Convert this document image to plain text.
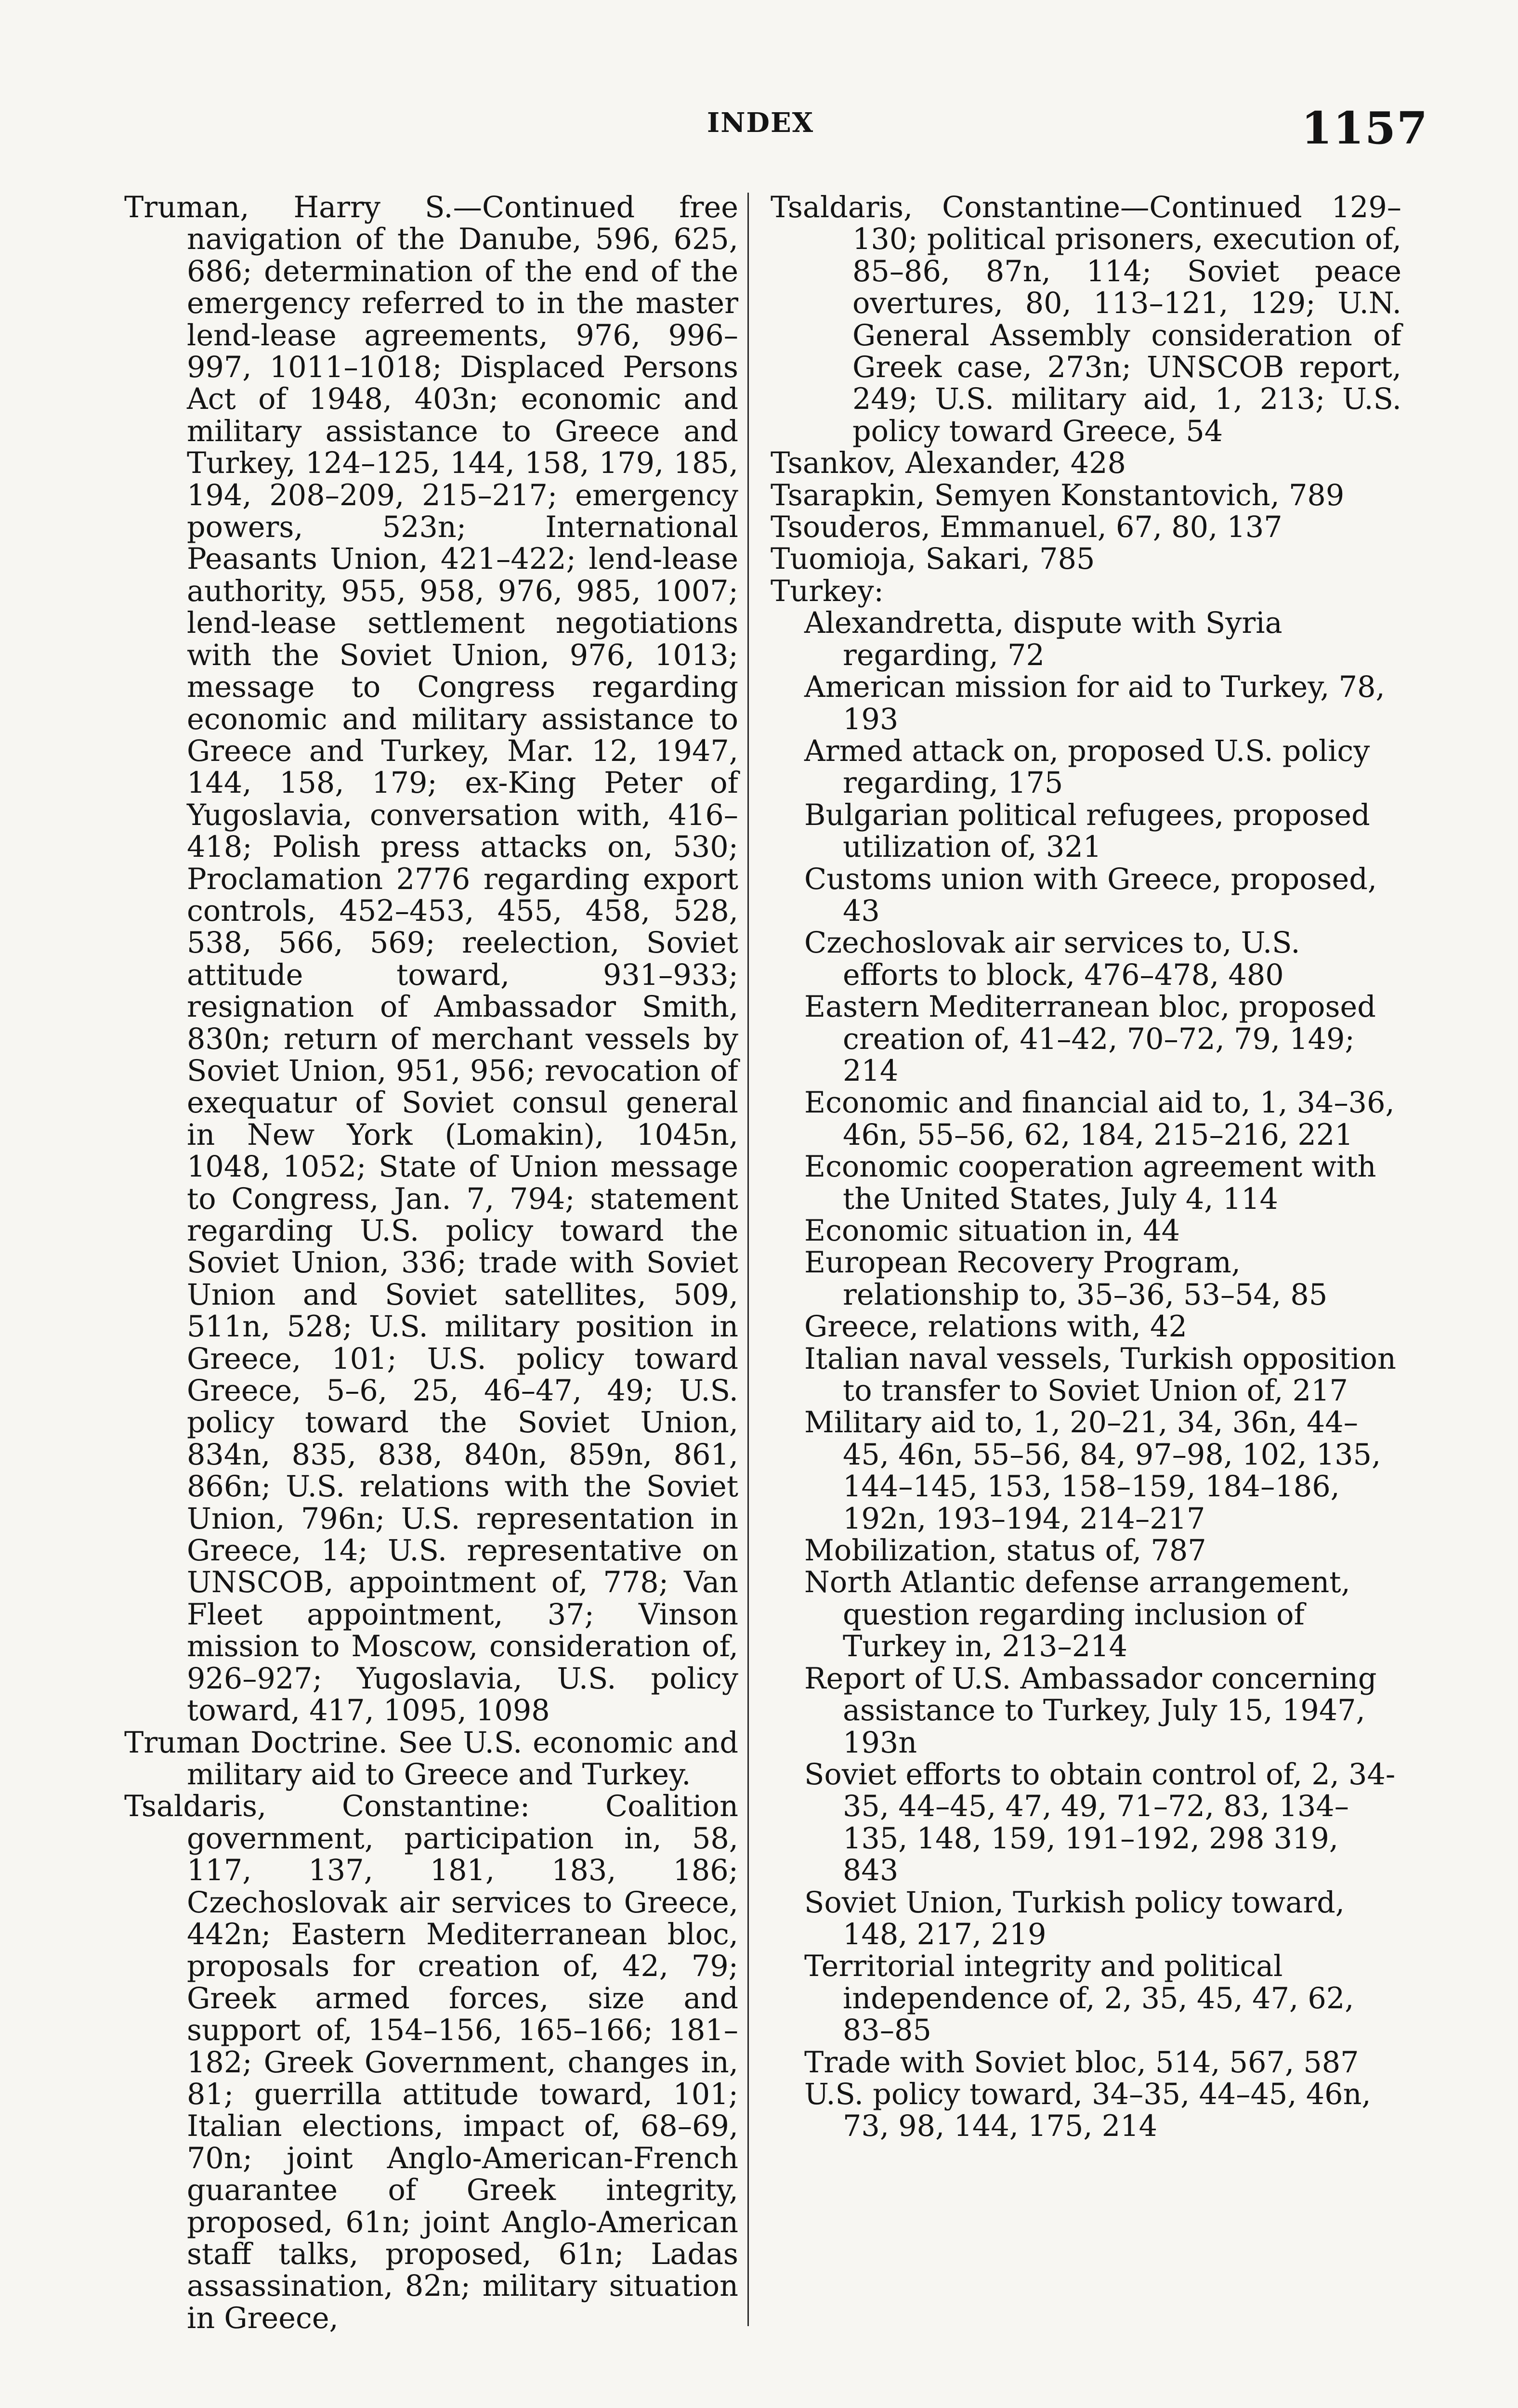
INDEX	1157

Truman, Harry S.—Continued free navigation of the Danube, 596, 625, 686; determination of the end of the emergency referred to in the master lend-lease agreements, 976, 996–997, 1011–1018; Displaced Persons Act of 1948, 403n; economic and military assistance to Greece and Turkey, 124–125, 144, 158, 179, 185, 194, 208–209, 215–217; emergency powers, 523n; International Peasants Union, 421–422; lend-lease authority, 955, 958, 976, 985, 1007; lend-lease settlement negotiations with the Soviet Union, 976, 1013; message to Congress regarding economic and military assistance to Greece and Turkey, Mar. 12, 1947, 144, 158, 179; ex-King Peter of Yugoslavia, conversation with, 416–418; Polish press attacks on, 530; Proclamation 2776 regarding export controls, 452–453, 455, 458, 528, 538, 566, 569; reelection, Soviet attitude toward, 931–933; resignation of Ambassador Smith, 830n; return of merchant vessels by Soviet Union, 951, 956; revocation of exequatur of Soviet consul general in New York (Lomakin), 1045n, 1048, 1052; State of Union message to Congress, Jan. 7, 794; statement regarding U.S. policy toward the Soviet Union, 336; trade with Soviet Union and Soviet satellites, 509, 511n, 528; U.S. military position in Greece, 101; U.S. policy toward Greece, 5–6, 25, 46–47, 49; U.S. policy toward the Soviet Union, 834n, 835, 838, 840n, 859n, 861, 866n; U.S. relations with the Soviet Union, 796n; U.S. representation in Greece, 14; U.S. representative on UNSCOB, appointment of, 778; Van Fleet appointment, 37; Vinson mission to Moscow, consideration of, 926–927; Yugoslavia, U.S. policy toward, 417, 1095, 1098

Truman Doctrine. See U.S. economic and military aid to Greece and Turkey.

Tsaldaris, Constantine: Coalition government, participation in, 58, 117, 137, 181, 183, 186; Czechoslovak air services to Greece, 442n; Eastern Mediterranean bloc, proposals for creation of, 42, 79; Greek armed forces, size and support of, 154–156, 165–166; 181–182; Greek Government, changes in, 81; guerrilla attitude toward, 101; Italian elections, impact of, 68–69, 70n; joint Anglo-American-French guarantee of Greek integrity, proposed, 61n; joint Anglo-American staff talks, proposed, 61n; Ladas assassination, 82n; military situation in Greece,

Tsaldaris, Constantine—Continued 129–130; political prisoners, execution of, 85–86, 87n, 114; Soviet peace overtures, 80, 113–121, 129; U.N. General Assembly consideration of Greek case, 273n; UNSCOB report, 249; U.S. military aid, 1, 213; U.S. policy toward Greece, 54

Tsankov, Alexander, 428

Tsarapkin, Semyen Konstantovich, 789

Tsouderos, Emmanuel, 67, 80, 137

Tuomioja, Sakari, 785

Turkey:

Alexandretta, dispute with Syria regarding, 72

American mission for aid to Turkey, 78, 193

Armed attack on, proposed U.S. policy regarding, 175

Bulgarian political refugees, proposed utilization of, 321

Customs union with Greece, proposed, 43

Czechoslovak air services to, U.S. efforts to block, 476–478, 480

Eastern Mediterranean bloc, proposed creation of, 41–42, 70–72, 79, 149; 214

Economic and financial aid to, 1, 34–36, 46n, 55–56, 62, 184, 215–216, 221

Economic cooperation agreement with the United States, July 4, 114

Economic situation in, 44

European Recovery Program, relationship to, 35–36, 53–54, 85

Greece, relations with, 42

Italian naval vessels, Turkish opposition to transfer to Soviet Union of, 217

Military aid to, 1, 20–21, 34, 36n, 44–45, 46n, 55–56, 84, 97–98, 102, 135, 144–145, 153, 158–159, 184–186, 192n, 193–194, 214–217

Mobilization, status of, 787

North Atlantic defense arrangement, question regarding inclusion of Turkey in, 213–214

Report of U.S. Ambassador concerning assistance to Turkey, July 15, 1947, 193n

Soviet efforts to obtain control of, 2, 34-35, 44–45, 47, 49, 71–72, 83, 134–135, 148, 159, 191–192, 298 319, 843

Soviet Union, Turkish policy toward, 148, 217, 219

Territorial integrity and political independence of, 2, 35, 45, 47, 62, 83–85

Trade with Soviet bloc, 514, 567, 587

U.S. policy toward, 34–35, 44–45, 46n, 73, 98, 144, 175, 214
